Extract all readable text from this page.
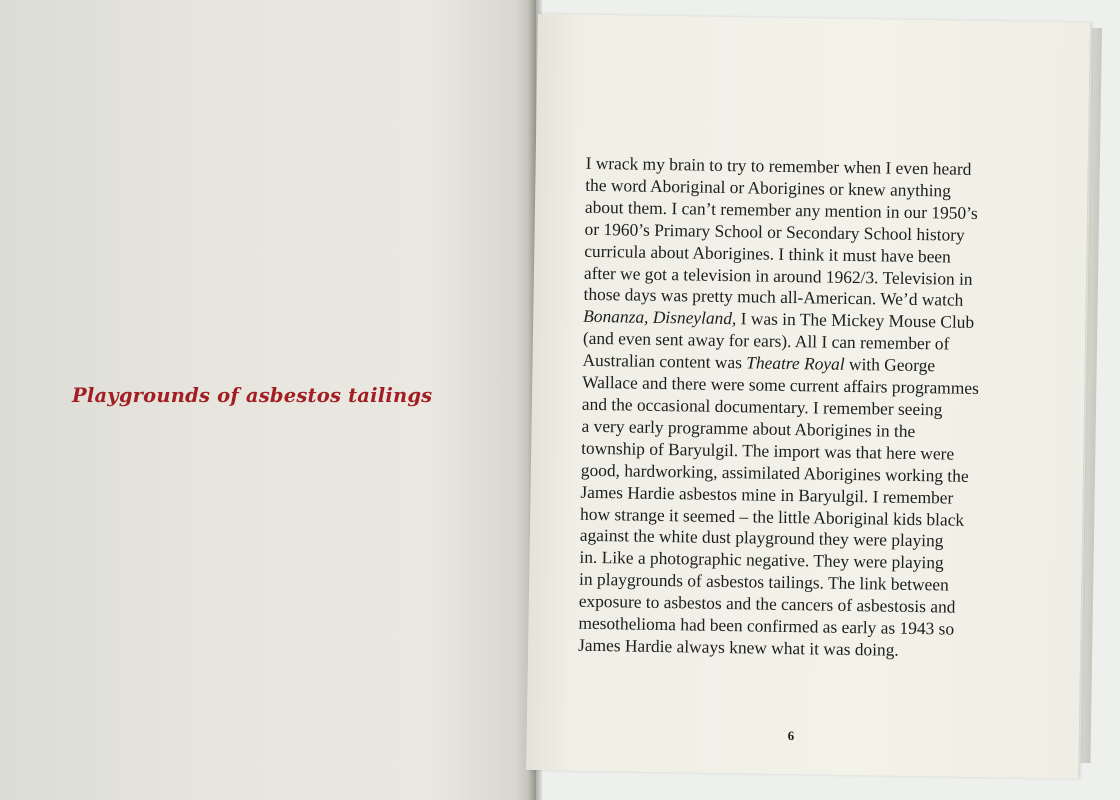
Playgrounds of asbestos tailings

I wrack my brain to try to remember when I even heard
the word Aboriginal or Aborigines or knew anything
about them. I can’t remember any mention in our 1950’s
or 1960’s Primary School or Secondary School history
curricula about Aborigines. I think it must have been
after we got a television in around 1962/3. Television in
those days was pretty much all-American. We’d watch
Bonanza, Disneyland, I was in The Mickey Mouse Club
(and even sent away for ears). All I can remember of
Australian content was Theatre Royal with George
Wallace and there were some current affairs programmes
and the occasional documentary. I remember seeing
a very early programme about Aborigines in the
township of Baryulgil. The import was that here were
good, hardworking, assimilated Aborigines working the
James Hardie asbestos mine in Baryulgil. I remember
how strange it seemed – the little Aboriginal kids black
against the white dust playground they were playing
in. Like a photographic negative. They were playing
in playgrounds of asbestos tailings. The link between
exposure to asbestos and the cancers of asbestosis and
mesothelioma had been confirmed as early as 1943 so
James Hardie always knew what it was doing.

6
